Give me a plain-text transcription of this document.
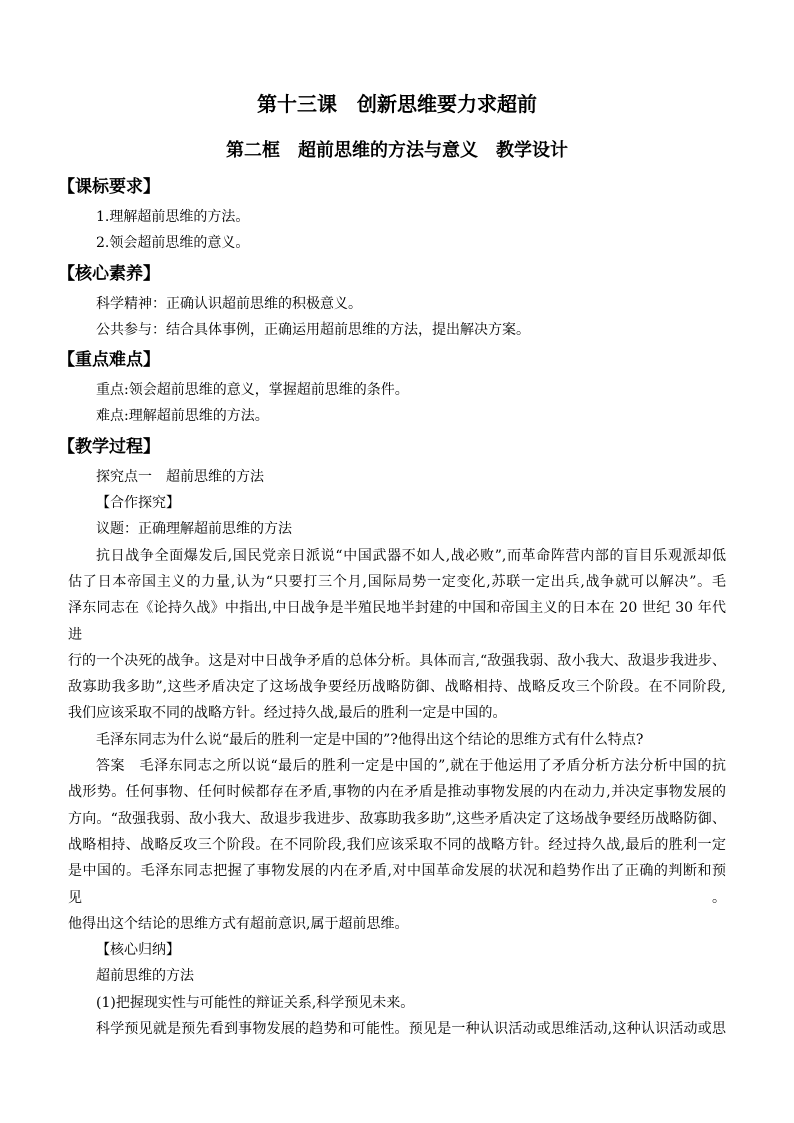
第十三课　创新思维要力求超前
第二框　超前思维的方法与意义　教学设计
【课标要求】

1.理解超前思维的方法。

2.领会超前思维的意义。

【核心素养】

科学精神：正确认识超前思维的积极意义。

公共参与：结合具体事例，正确运用超前思维的方法，提出解决方案。

【重点难点】

重点:领会超前思维的意义，掌握超前思维的条件。

难点:理解超前思维的方法。

【教学过程】

探究点一　超前思维的方法

【合作探究】

议题：正确理解超前思维的方法

抗日战争全面爆发后,国民党亲日派说“中国武器不如人,战必败”,而革命阵营内部的盲目乐观派却低

估了日本帝国主义的力量,认为“只要打三个月,国际局势一定变化,苏联一定出兵,战争就可以解决”。毛

泽东同志在《论持久战》中指出,中日战争是半殖民地半封建的中国和帝国主义的日本在 20 世纪 30 年代进

行的一个决死的战争。这是对中日战争矛盾的总体分析。具体而言,“敌强我弱、敌小我大、敌退步我进步、

敌寡助我多助”,这些矛盾决定了这场战争要经历战略防御、战略相持、战略反攻三个阶段。在不同阶段,

我们应该采取不同的战略方针。经过持久战,最后的胜利一定是中国的。

毛泽东同志为什么说“最后的胜利一定是中国的”?他得出这个结论的思维方式有什么特点?

答案　毛泽东同志之所以说“最后的胜利一定是中国的”,就在于他运用了矛盾分析方法分析中国的抗

战形势。任何事物、任何时候都存在矛盾,事物的内在矛盾是推动事物发展的内在动力,并决定事物发展的

方向。“敌强我弱、敌小我大、敌退步我进步、敌寡助我多助”,这些矛盾决定了这场战争要经历战略防御、

战略相持、战略反攻三个阶段。在不同阶段,我们应该采取不同的战略方针。经过持久战,最后的胜利一定

是中国的。毛泽东同志把握了事物发展的内在矛盾,对中国革命发展的状况和趋势作出了正确的判断和预见。

他得出这个结论的思维方式有超前意识,属于超前思维。

【核心归纳】

超前思维的方法

(1)把握现实性与可能性的辩证关系,科学预见未来。

科学预见就是预先看到事物发展的趋势和可能性。预见是一种认识活动或思维活动,这种认识活动或思
